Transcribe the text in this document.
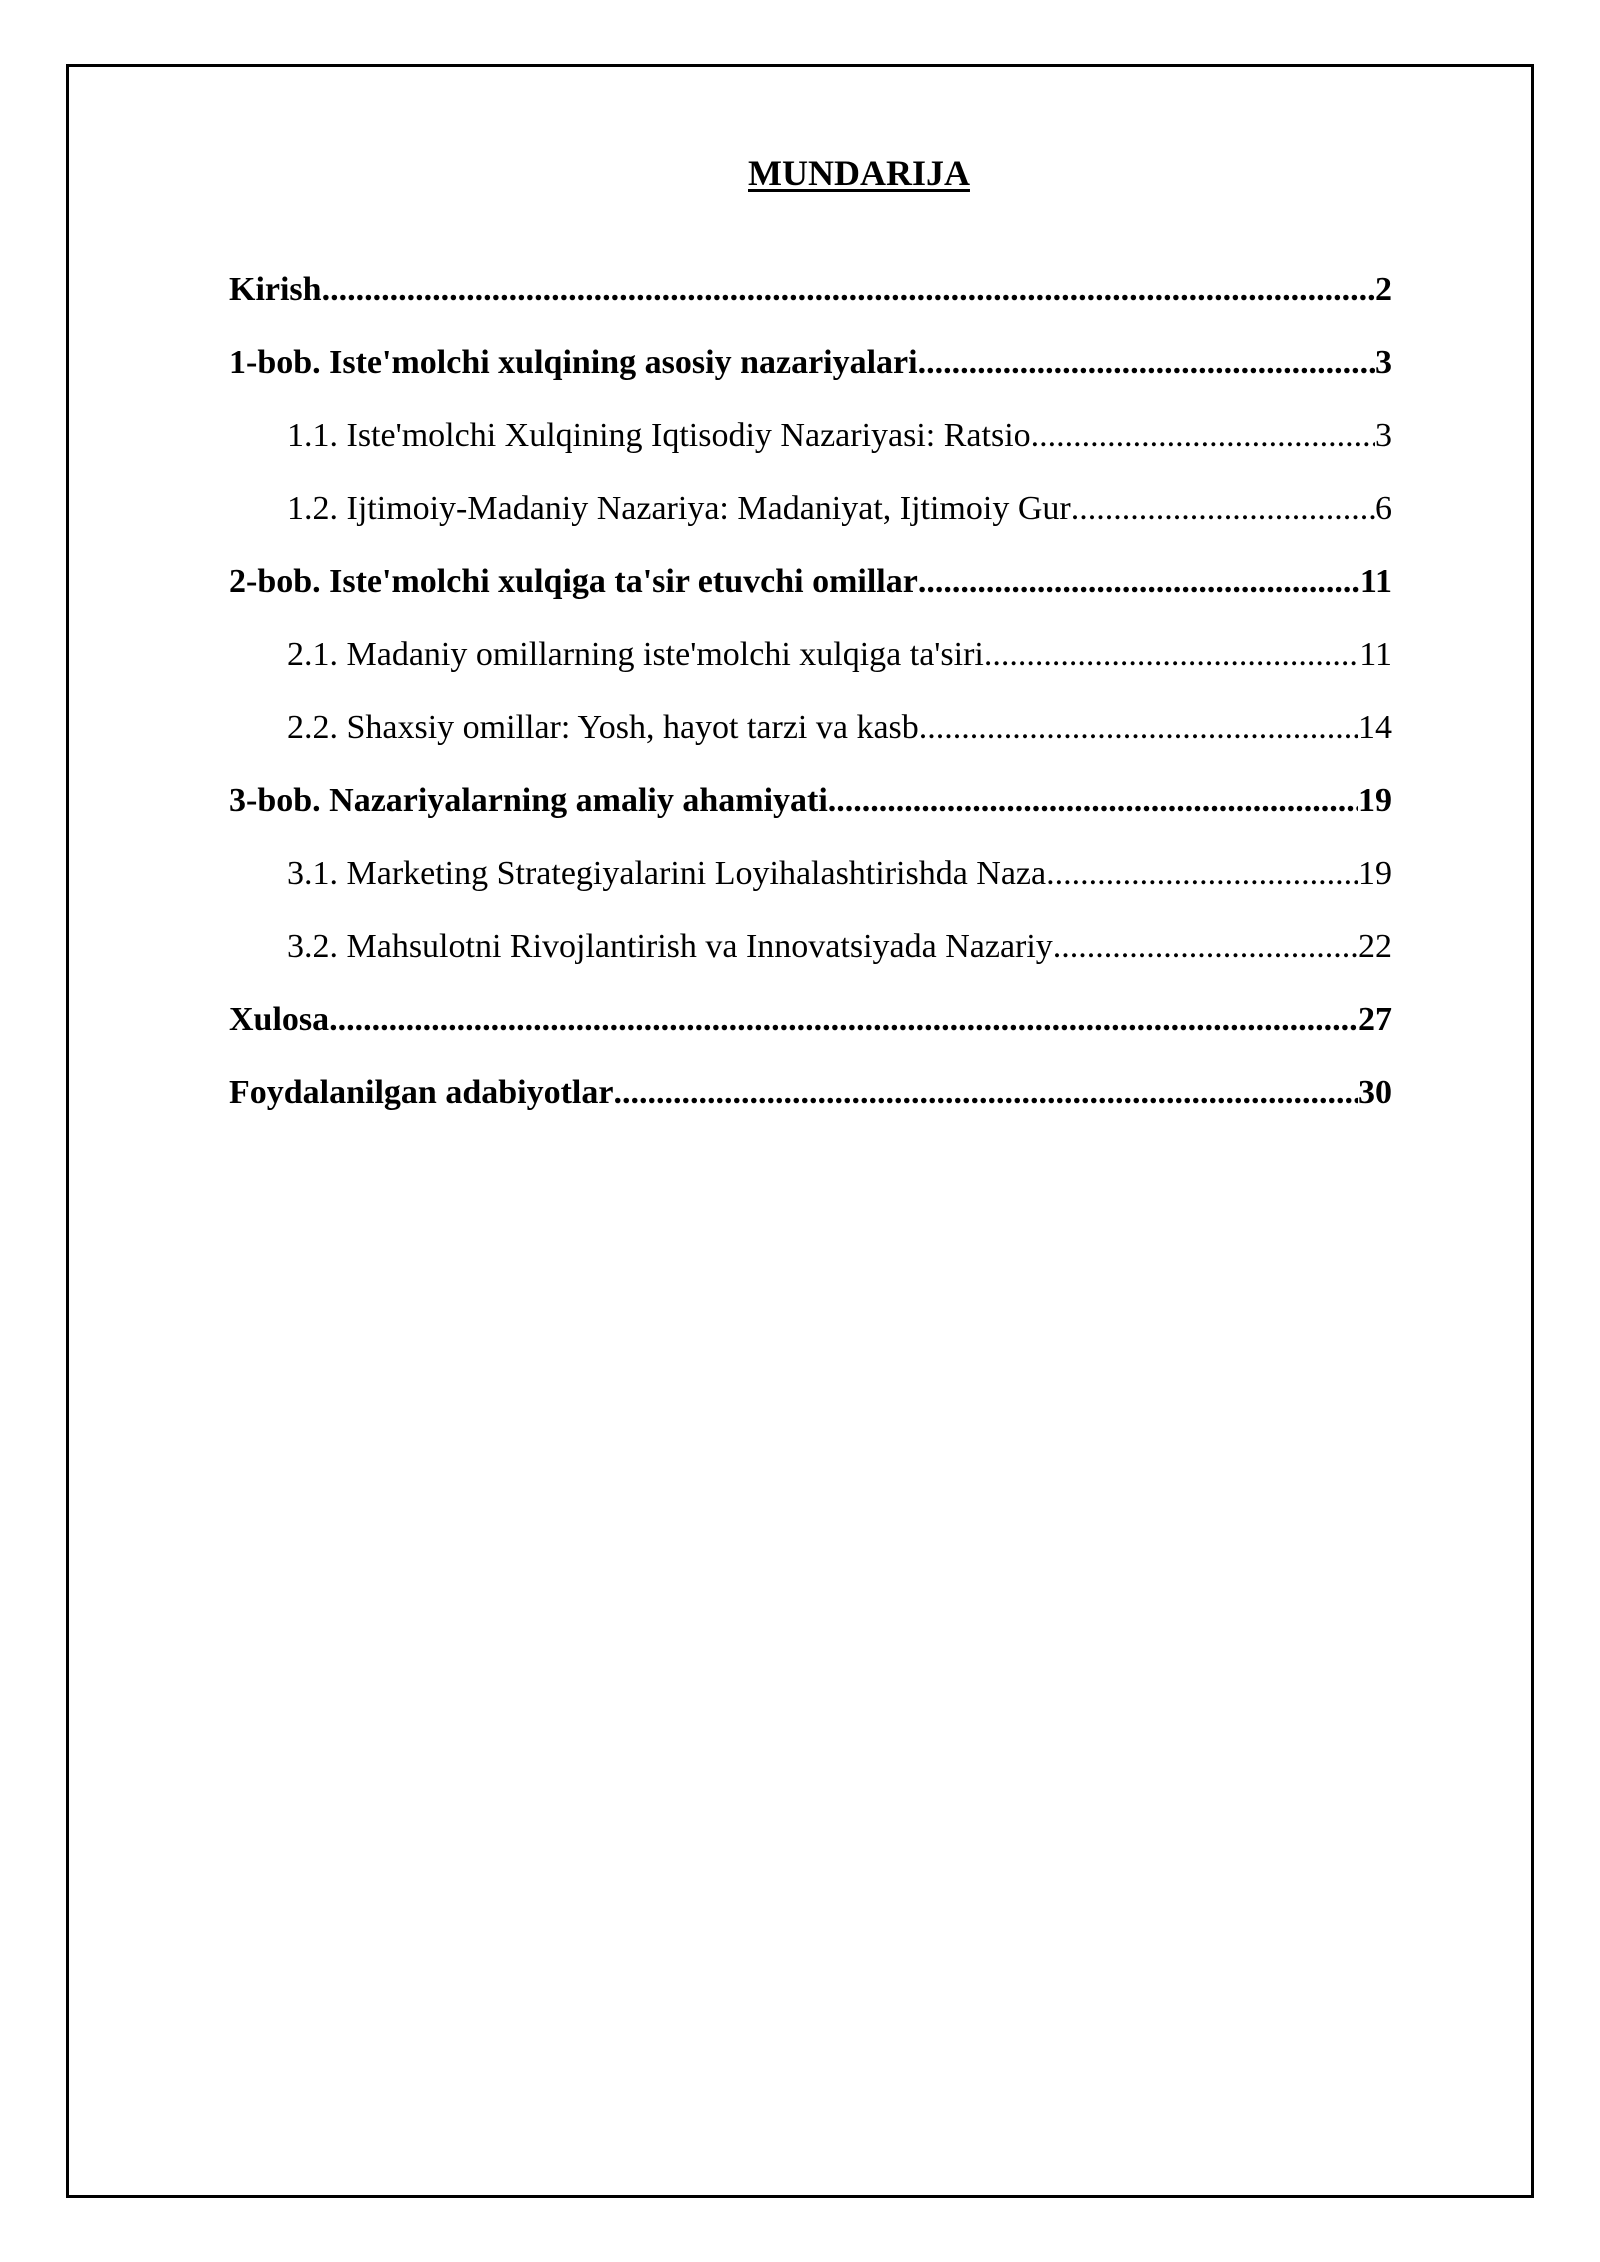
MUNDARIJA
Kirish .....	2
1-bob. Iste'molchi xulqining asosiy nazariyalari .....	3
1.1. Iste'molchi Xulqining Iqtisodiy Nazariyasi: Ratsio .....	3
1.2. Ijtimoiy-Madaniy Nazariya: Madaniyat, Ijtimoiy Gur .....	6
2-bob. Iste'molchi xulqiga ta'sir etuvchi omillar .....	11
2.1. Madaniy omillarning iste'molchi xulqiga ta'siri .....	11
2.2. Shaxsiy omillar: Yosh, hayot tarzi va kasb .....	14
3-bob. Nazariyalarning amaliy ahamiyati .....	19
3.1. Marketing Strategiyalarini Loyihalashtirishda Naza .....	19
3.2. Mahsulotni Rivojlantirish va Innovatsiyada Nazariy .....	22
Xulosa .....	27
Foydalanilgan adabiyotlar .....	30
